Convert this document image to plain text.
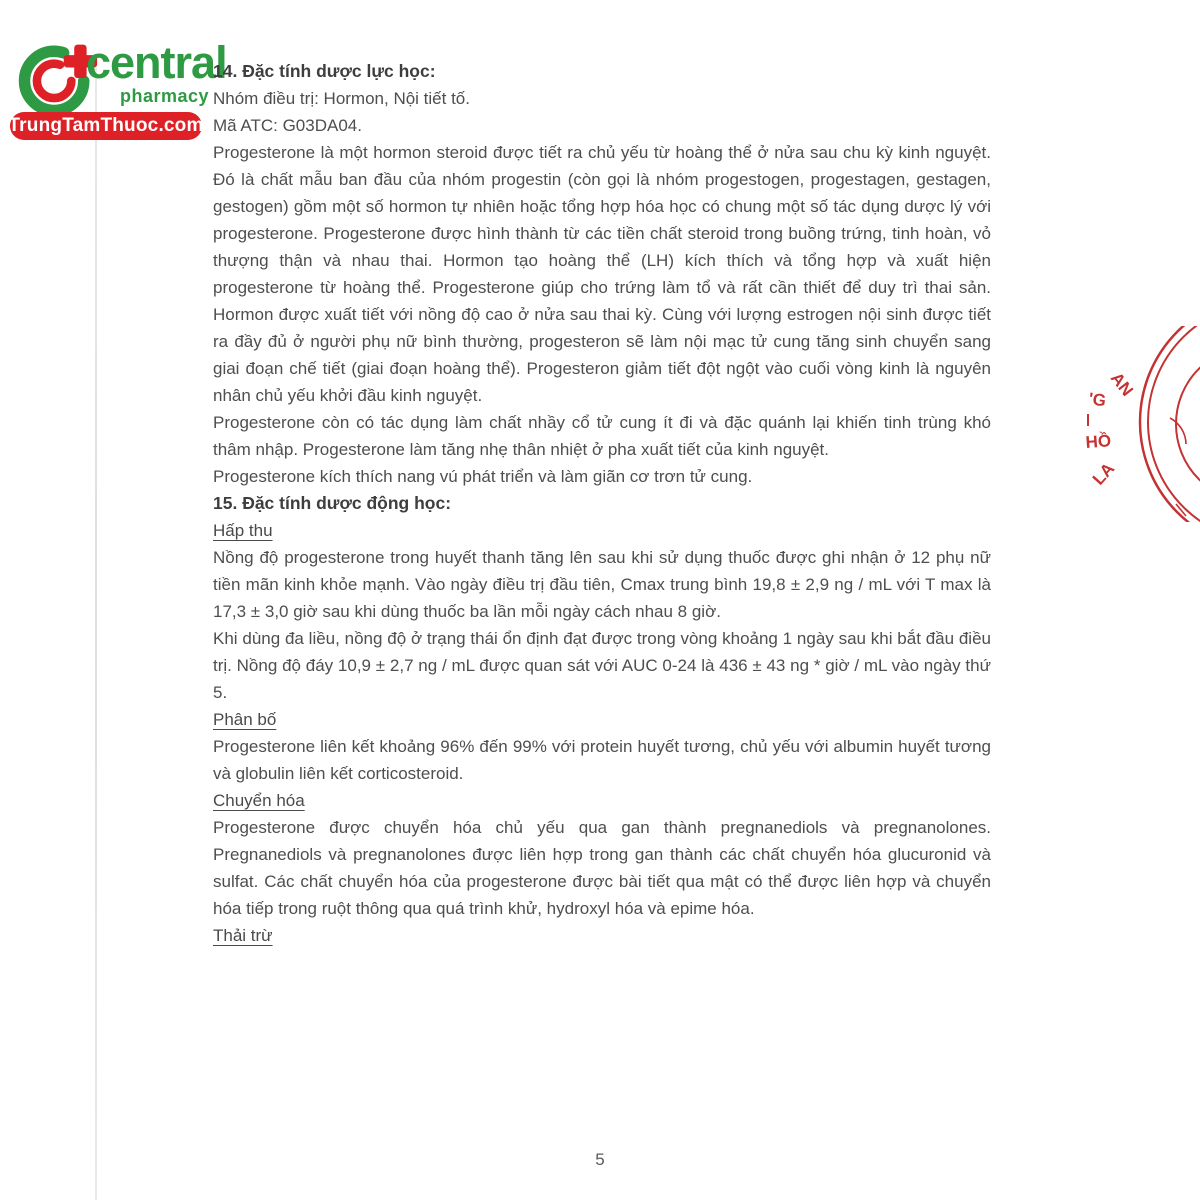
central
pharmacy
TrungTamThuoc.com

14. Đặc tính dược lực học:

Nhóm điều trị: Hormon, Nội tiết tố.

Mã ATC: G03DA04.

Progesterone là một hormon steroid được tiết ra chủ yếu từ hoàng thể ở nửa sau chu kỳ kinh nguyệt. Đó là chất mẫu ban đầu của nhóm progestin (còn gọi là nhóm progestogen, progestagen, gestagen, gestogen) gồm một số hormon tự nhiên hoặc tổng hợp hóa học có chung một số tác dụng dược lý với progesterone. Progesterone được hình thành từ các tiền chất steroid trong buồng trứng, tinh hoàn, vỏ thượng thận và nhau thai. Hormon tạo hoàng thể (LH) kích thích và tổng hợp và xuất hiện progesterone từ hoàng thể. Progesterone giúp cho trứng làm tổ và rất cần thiết để duy trì thai sản. Hormon được xuất tiết với nồng độ cao ở nửa sau thai kỳ. Cùng với lượng estrogen nội sinh được tiết ra đầy đủ ở người phụ nữ bình thường, progesteron sẽ làm nội mạc tử cung tăng sinh chuyển sang giai đoạn chế tiết (giai đoạn hoàng thể). Progesteron giảm tiết đột ngột vào cuối vòng kinh là nguyên nhân chủ yếu khởi đầu kinh nguyệt.

Progesterone còn có tác dụng làm chất nhầy cổ tử cung ít đi và đặc quánh lại khiến tinh trùng khó thâm nhập. Progesterone làm tăng nhẹ thân nhiệt ở pha xuất tiết của kinh nguyệt.

Progesterone kích thích nang vú phát triển và làm giãn cơ trơn tử cung.

15. Đặc tính dược động học:

Hấp thu

Nồng độ progesterone trong huyết thanh tăng lên sau khi sử dụng thuốc được ghi nhận ở 12 phụ nữ tiền mãn kinh khỏe mạnh. Vào ngày điều trị đầu tiên, Cmax trung bình 19,8 ± 2,9 ng / mL với T max là 17,3 ± 3,0 giờ sau khi dùng thuốc ba lần mỗi ngày cách nhau 8 giờ.

Khi dùng đa liều, nồng độ ở trạng thái ổn định đạt được trong vòng khoảng 1 ngày sau khi bắt đầu điều trị. Nồng độ đáy 10,9 ± 2,7 ng / mL được quan sát với AUC 0-24 là 436 ± 43 ng * giờ / mL vào ngày thứ 5.

Phân bố

Progesterone liên kết khoảng 96% đến 99% với protein huyết tương, chủ yếu với albumin huyết tương và globulin liên kết corticosteroid.

Chuyển hóa

Progesterone được chuyển hóa chủ yếu qua gan thành pregnanediols và pregnanolones. Pregnanediols và pregnanolones được liên hợp trong gan thành các chất chuyển hóa glucuronid và sulfat. Các chất chuyển hóa của progesterone được bài tiết qua mật có thể được liên hợp và chuyển hóa tiếp trong ruột thông qua quá trình khử, hydroxyl hóa và epime hóa.

Thải trừ

5
AN
'G
HỒ
LA
